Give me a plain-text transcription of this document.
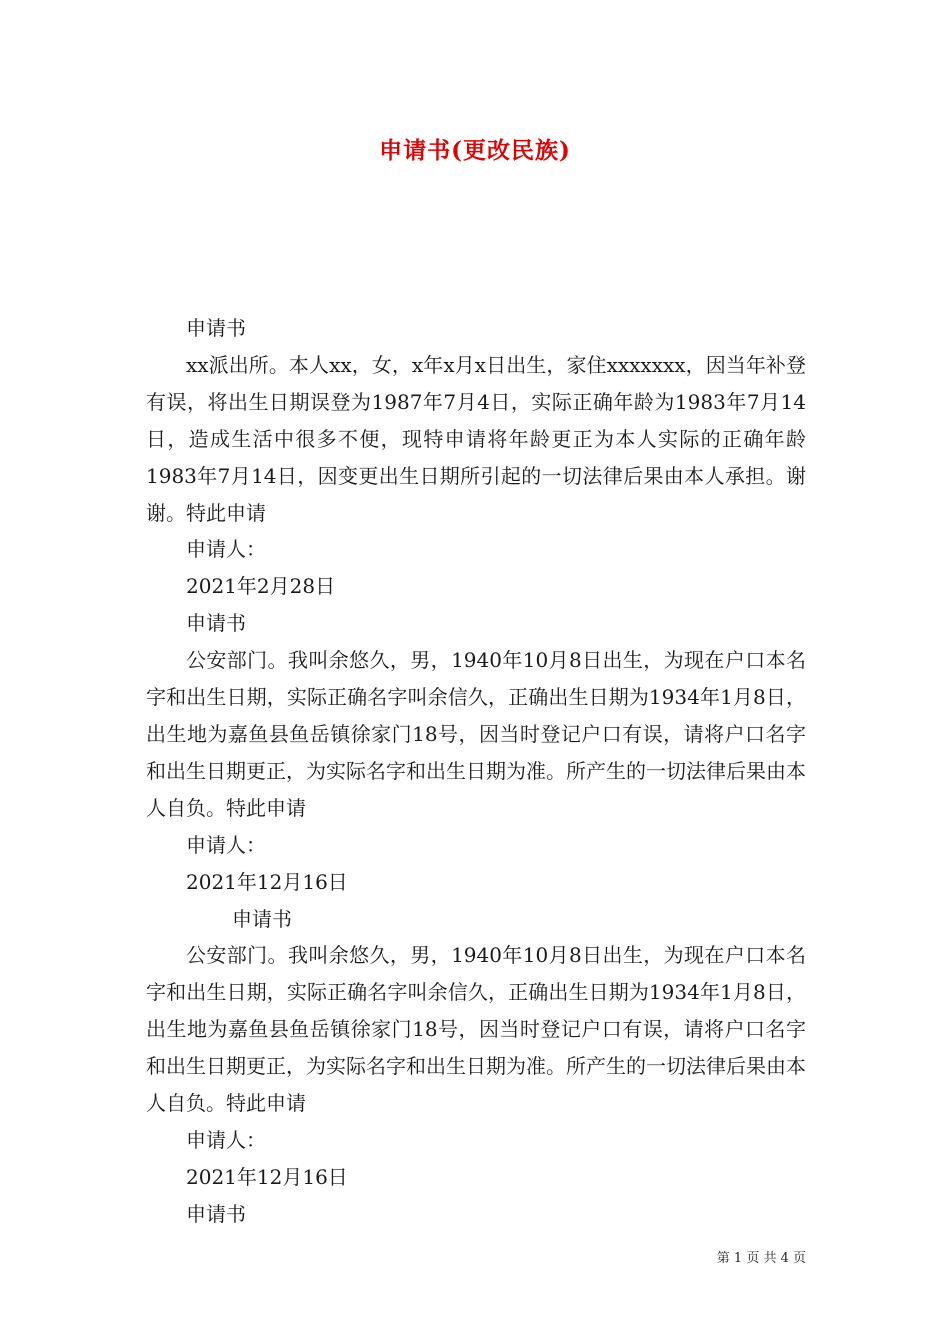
申请书(更改民族)

申请书

xx派出所。本人xx，女，x年x月x日出生，家住xxxxxxx，因当年补登有误，将出生日期误登为1987年7月4日，实际正确年龄为1983年7月14日，造成生活中很多不便，现特申请将年龄更正为本人实际的正确年龄1983年7月14日，因变更出生日期所引起的一切法律后果由本人承担。谢谢。特此申请

申请人：

2021年2月28日

申请书

公安部门。我叫余悠久，男，1940年10月8日出生，为现在户口本名字和出生日期，实际正确名字叫余信久，正确出生日期为1934年1月8日，出生地为嘉鱼县鱼岳镇徐家门18号，因当时登记户口有误，请将户口名字和出生日期更正，为实际名字和出生日期为准。所产生的一切法律后果由本人自负。特此申请

申请人：

2021年12月16日

申请书

公安部门。我叫余悠久，男，1940年10月8日出生，为现在户口本名字和出生日期，实际正确名字叫余信久，正确出生日期为1934年1月8日，出生地为嘉鱼县鱼岳镇徐家门18号，因当时登记户口有误，请将户口名字和出生日期更正，为实际名字和出生日期为准。所产生的一切法律后果由本人自负。特此申请

申请人：

2021年12月16日

申请书

第 1 页 共 4 页
